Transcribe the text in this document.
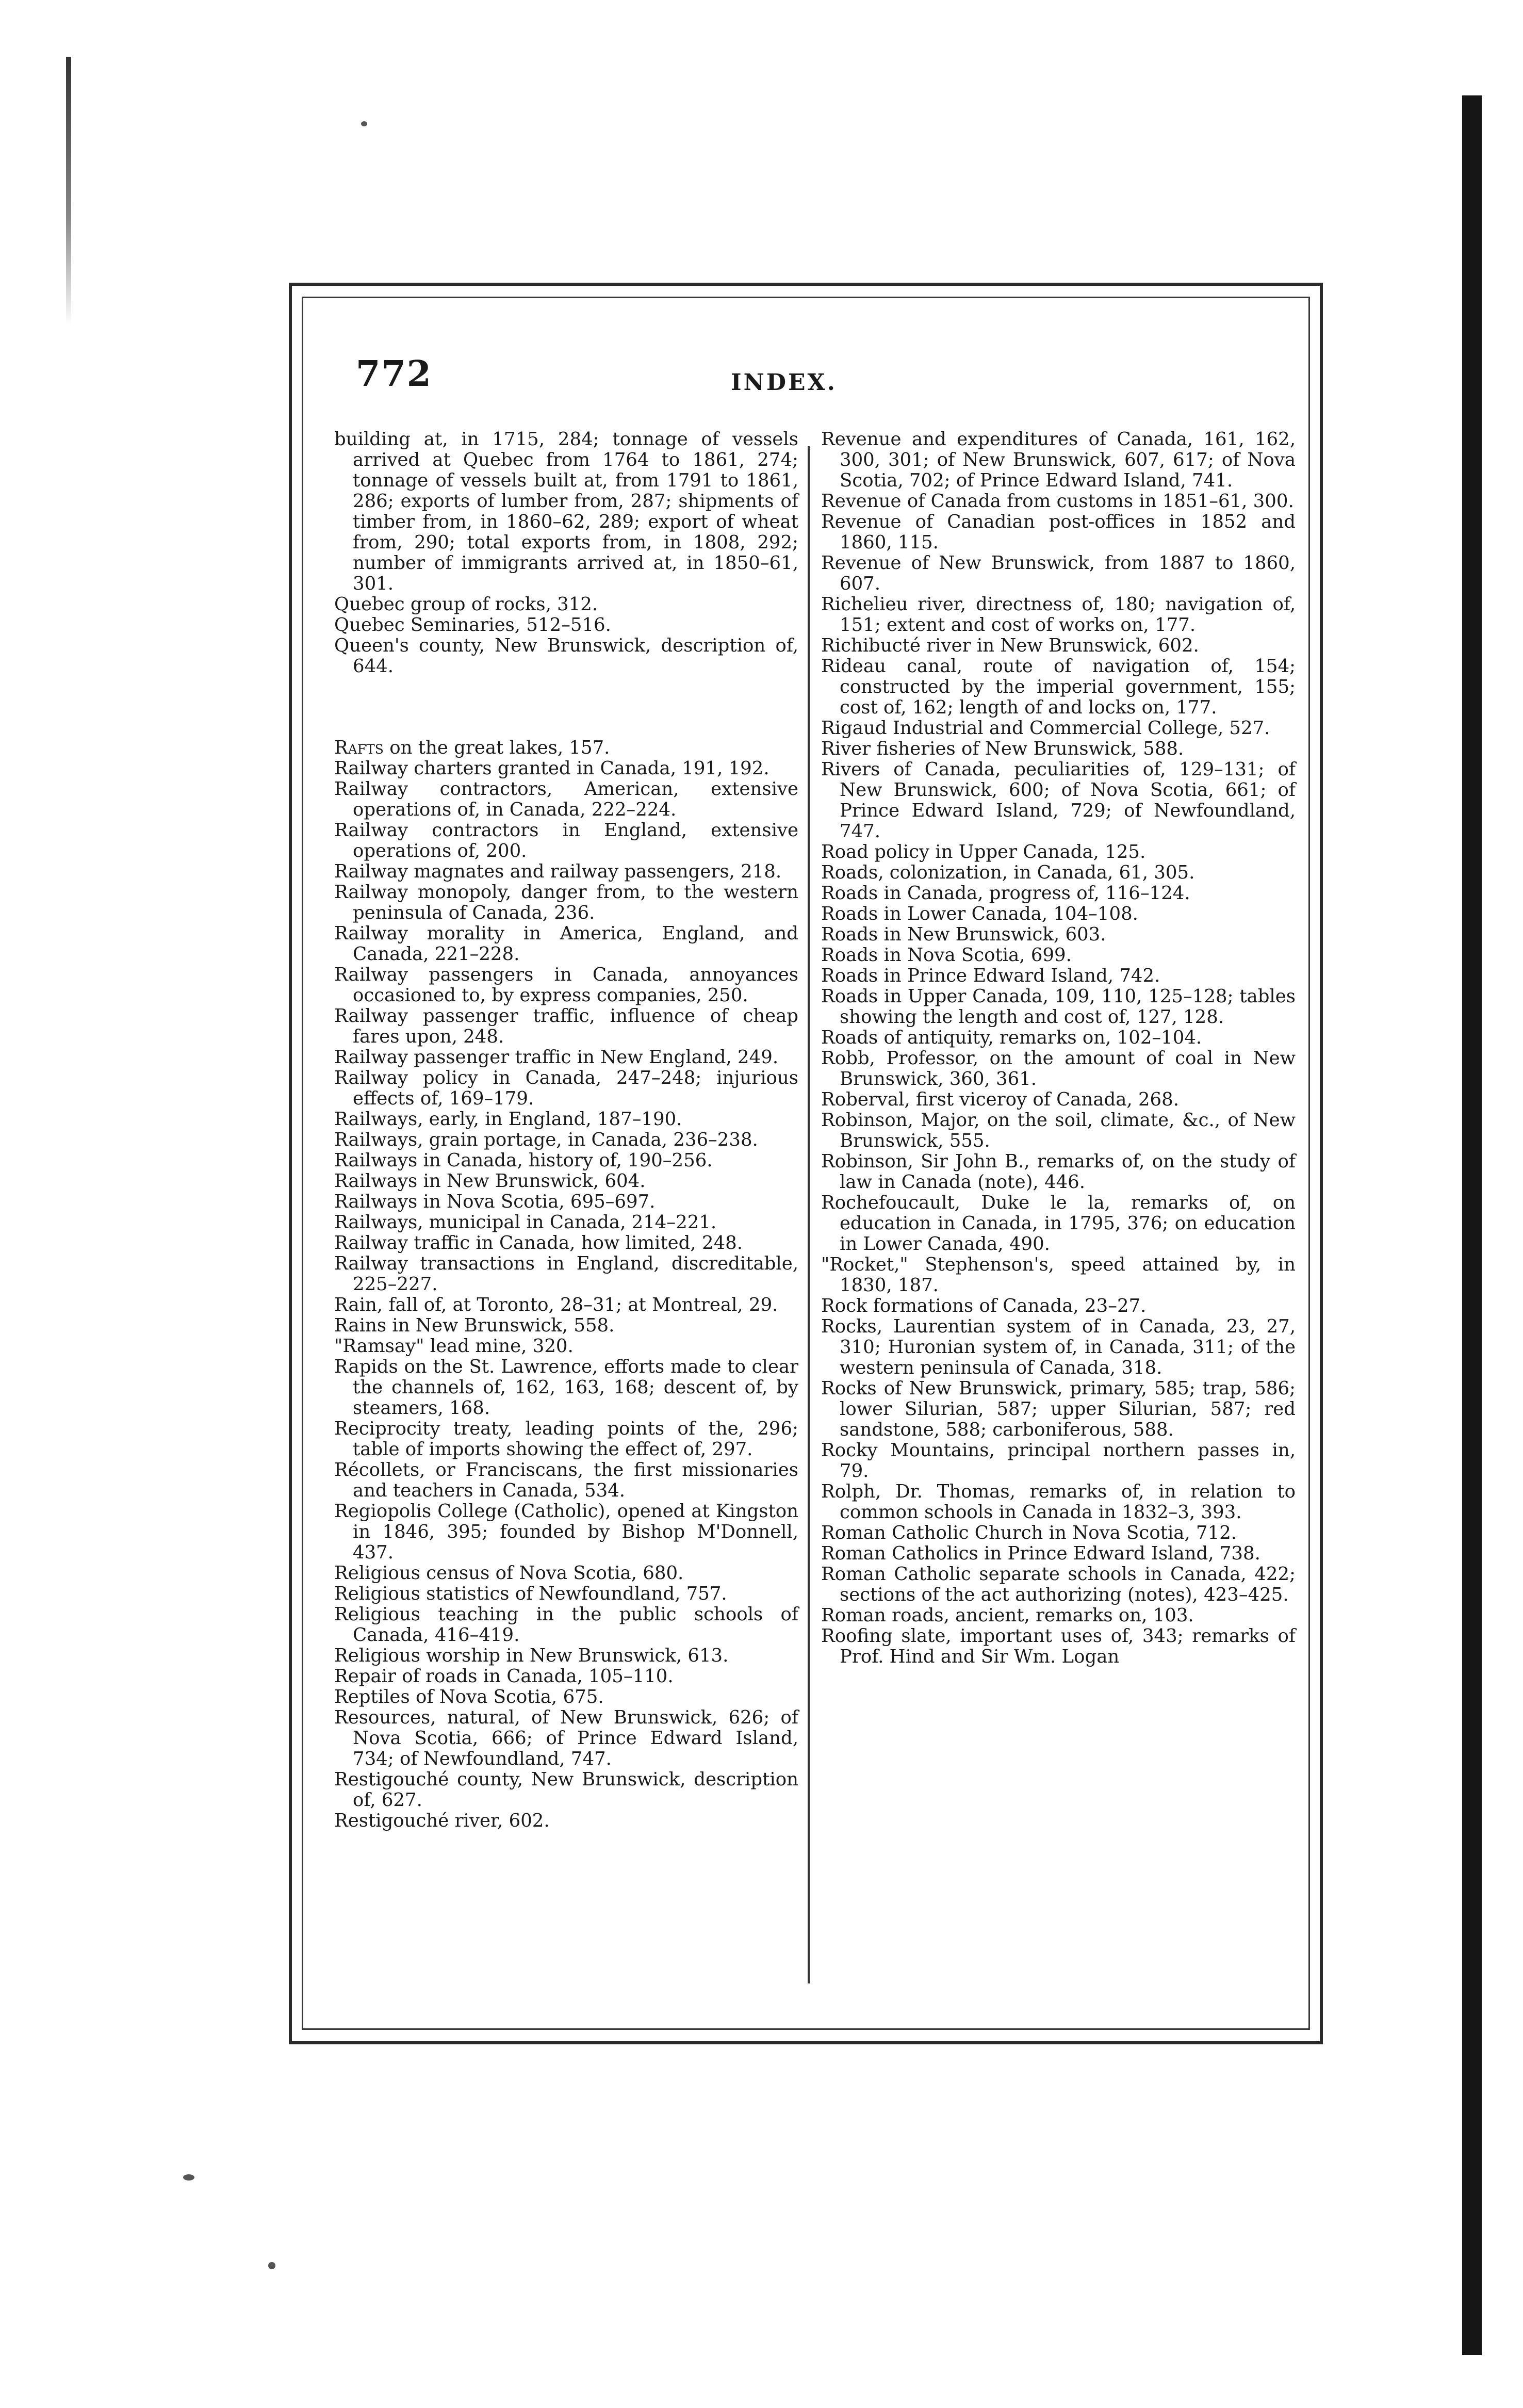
772	INDEX.
building at, in 1715, 284; tonnage of vessels arrived at Quebec from 1764 to 1861, 274; tonnage of vessels built at, from 1791 to 1861, 286; exports of lumber from, 287; shipments of timber from, in 1860–62, 289; export of wheat from, 290; total exports from, in 1808, 292; number of immigrants arrived at, in 1850–61, 301.
Quebec group of rocks, 312.
Quebec Seminaries, 512–516.
Queen's county, New Brunswick, description of, 644.
Rafts on the great lakes, 157.
Railway charters granted in Canada, 191, 192.
Railway contractors, American, extensive operations of, in Canada, 222–224.
Railway contractors in England, extensive operations of, 200.
Railway magnates and railway passengers, 218.
Railway monopoly, danger from, to the western peninsula of Canada, 236.
Railway morality in America, England, and Canada, 221–228.
Railway passengers in Canada, annoyances occasioned to, by express companies, 250.
Railway passenger traffic, influence of cheap fares upon, 248.
Railway passenger traffic in New England, 249.
Railway policy in Canada, 247–248; injurious effects of, 169–179.
Railways, early, in England, 187–190.
Railways, grain portage, in Canada, 236–238.
Railways in Canada, history of, 190–256.
Railways in New Brunswick, 604.
Railways in Nova Scotia, 695–697.
Railways, municipal in Canada, 214–221.
Railway traffic in Canada, how limited, 248.
Railway transactions in England, discreditable, 225–227.
Rain, fall of, at Toronto, 28–31; at Montreal, 29.
Rains in New Brunswick, 558.
"Ramsay" lead mine, 320.
Rapids on the St. Lawrence, efforts made to clear the channels of, 162, 163, 168; descent of, by steamers, 168.
Reciprocity treaty, leading points of the, 296; table of imports showing the effect of, 297.
Récollets, or Franciscans, the first missionaries and teachers in Canada, 534.
Regiopolis College (Catholic), opened at Kingston in 1846, 395; founded by Bishop M'Donnell, 437.
Religious census of Nova Scotia, 680.
Religious statistics of Newfoundland, 757.
Religious teaching in the public schools of Canada, 416–419.
Religious worship in New Brunswick, 613.
Repair of roads in Canada, 105–110.
Reptiles of Nova Scotia, 675.
Resources, natural, of New Brunswick, 626; of Nova Scotia, 666; of Prince Edward Island, 734; of Newfoundland, 747.
Restigouché county, New Brunswick, description of, 627.
Restigouché river, 602.
Revenue and expenditures of Canada, 161, 162, 300, 301; of New Brunswick, 607, 617; of Nova Scotia, 702; of Prince Edward Island, 741.
Revenue of Canada from customs in 1851–61, 300.
Revenue of Canadian post-offices in 1852 and 1860, 115.
Revenue of New Brunswick, from 1887 to 1860, 607.
Richelieu river, directness of, 180; navigation of, 151; extent and cost of works on, 177.
Richibucté river in New Brunswick, 602.
Rideau canal, route of navigation of, 154; constructed by the imperial government, 155; cost of, 162; length of and locks on, 177.
Rigaud Industrial and Commercial College, 527.
River fisheries of New Brunswick, 588.
Rivers of Canada, peculiarities of, 129–131; of New Brunswick, 600; of Nova Scotia, 661; of Prince Edward Island, 729; of Newfoundland, 747.
Road policy in Upper Canada, 125.
Roads, colonization, in Canada, 61, 305.
Roads in Canada, progress of, 116–124.
Roads in Lower Canada, 104–108.
Roads in New Brunswick, 603.
Roads in Nova Scotia, 699.
Roads in Prince Edward Island, 742.
Roads in Upper Canada, 109, 110, 125–128; tables showing the length and cost of, 127, 128.
Roads of antiquity, remarks on, 102–104.
Robb, Professor, on the amount of coal in New Brunswick, 360, 361.
Roberval, first viceroy of Canada, 268.
Robinson, Major, on the soil, climate, &c., of New Brunswick, 555.
Robinson, Sir John B., remarks of, on the study of law in Canada (note), 446.
Rochefoucault, Duke le la, remarks of, on education in Canada, in 1795, 376; on education in Lower Canada, 490.
"Rocket," Stephenson's, speed attained by, in 1830, 187.
Rock formations of Canada, 23–27.
Rocks, Laurentian system of in Canada, 23, 27, 310; Huronian system of, in Canada, 311; of the western peninsula of Canada, 318.
Rocks of New Brunswick, primary, 585; trap, 586; lower Silurian, 587; upper Silurian, 587; red sandstone, 588; carboniferous, 588.
Rocky Mountains, principal northern passes in, 79.
Rolph, Dr. Thomas, remarks of, in relation to common schools in Canada in 1832–3, 393.
Roman Catholic Church in Nova Scotia, 712.
Roman Catholics in Prince Edward Island, 738.
Roman Catholic separate schools in Canada, 422; sections of the act authorizing (notes), 423–425.
Roman roads, ancient, remarks on, 103.
Roofing slate, important uses of, 343; remarks of Prof. Hind and Sir Wm. Logan
